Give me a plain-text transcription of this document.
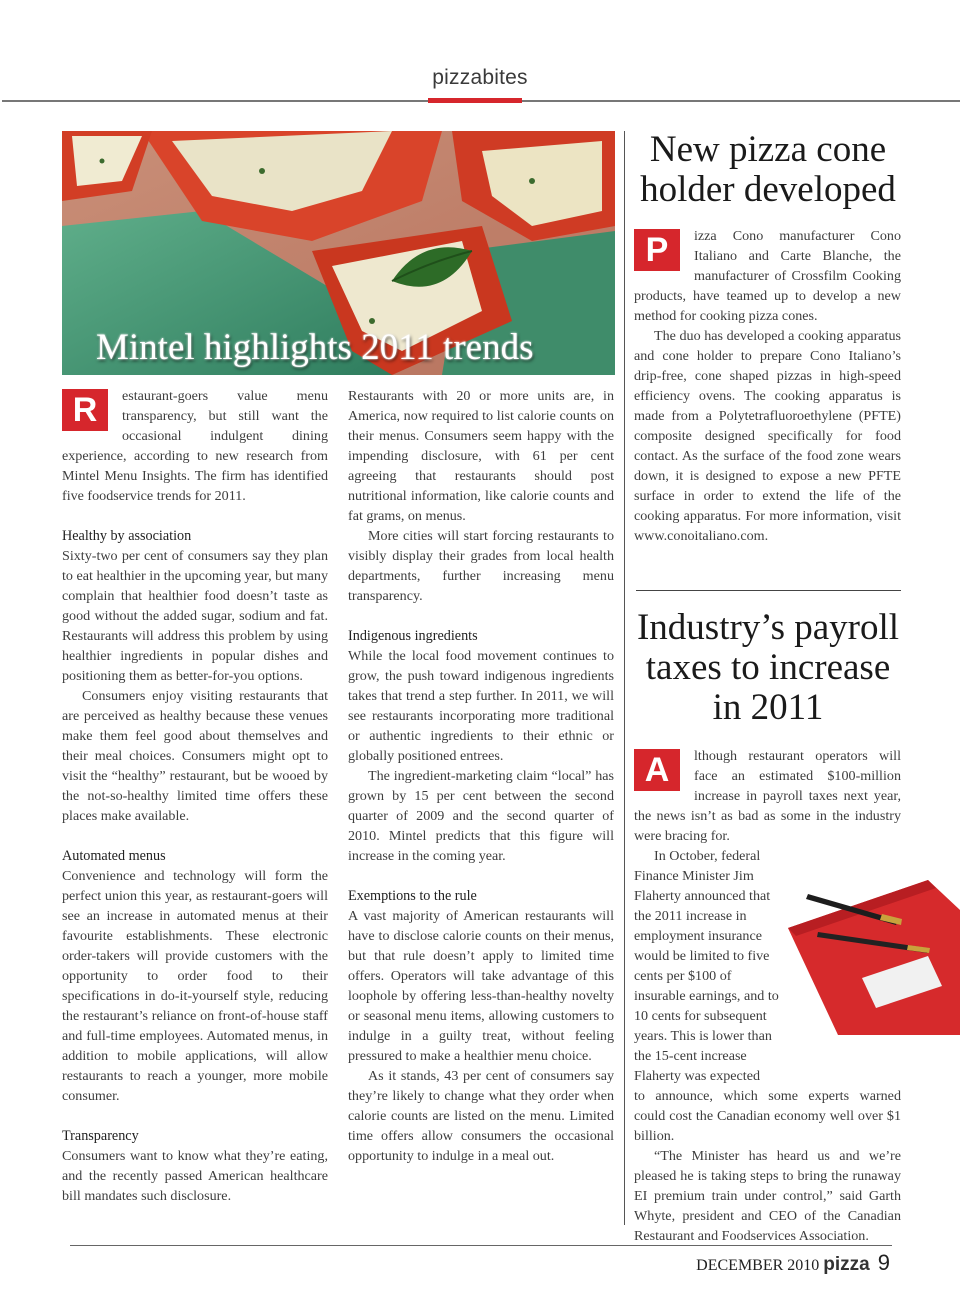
pizzabites
Mintel highlights 2011 trends

R	estaurant-goers value menu transparency, but still want the occasional indulgent dining experience, according to new research from Mintel Menu Insights. The firm has identified five foodservice trends for 2011.

Healthy by association

Sixty-two per cent of consumers say they plan to eat healthier in the upcoming year, but many complain that healthier food doesn’t taste as good without the added sugar, sodium and fat. Restaurants will address this problem by using healthier ingredients in popular dishes and positioning them as better-for-you options.

Consumers enjoy visiting restaurants that are perceived as healthy because these venues make them feel good about themselves and their meal choices. Consumers might opt to visit the “healthy” restaurant, but be wooed by the not-so-healthy limited time offers these places make available.

Automated menus

Convenience and technology will form the perfect union this year, as restaurant-goers will see an increase in automated menus at their favourite establishments. These electronic order-takers will provide customers with the opportunity to order food to their specifications in do-it-yourself style, reducing the restaurant’s reliance on front-of-house staff and full-time employees. Automated menus, in addition to mobile applications, will allow restaurants to reach a younger, more mobile consumer.

Transparency

Consumers want to know what they’re eating, and the recently passed American healthcare bill mandates such disclosure.

Restaurants with 20 or more units are, in America, now required to list calorie counts on their menus. Consumers seem happy with the impending disclosure, with 61 per cent agreeing that restaurants should post nutritional information, like calorie counts and fat grams, on menus.

More cities will start forcing restaurants to visibly display their grades from local health departments, further increasing menu transparency.

Indigenous ingredients

While the local food movement continues to grow, the push toward indigenous ingredients takes that trend a step further. In 2011, we will see restaurants incorporating more traditional or authentic ingredients to their ethnic or globally positioned entrees.

The ingredient-marketing claim “local” has grown by 15 per cent between the second quarter of 2009 and the second quarter of 2010. Mintel predicts that this figure will increase in the coming year.

Exemptions to the rule

A vast majority of American restaurants will have to disclose calorie counts on their menus, but that rule doesn’t apply to limited time offers. Operators will take advantage of this loophole by offering less-than-healthy novelty or seasonal menu items, allowing customers to indulge in a guilty treat, without feeling pressured to make a healthier menu choice.

As it stands, 43 per cent of consumers say they’re likely to change what they order when calorie counts are listed on the menu. Limited time offers allow consumers the occasional opportunity to indulge in a meal out.

New pizza cone
holder developed

P	izza Cono manufacturer Cono Italiano and Carte Blanche, the manufacturer of Crossfilm Cooking products, have teamed up to develop a new method for cooking pizza cones.

The duo has developed a cooking apparatus and cone holder to prepare Cono Italiano’s drip-free, cone shaped pizzas in high-speed efficiency ovens. The cooking apparatus is made from a Polytetrafluoroethylene (PFTE) composite designed specifically for food contact. As the surface of the food zone wears down, it is designed to expose a new PFTE surface in order to extend the life of the cooking apparatus. For more information, visit www.conoitaliano.com.

Industry’s payroll
taxes to increase
in 2011

A	lthough restaurant operators will face an estimated $100-million increase in payroll taxes next year, the news isn’t as bad as some in the industry were bracing for.

In October, federal Finance Minister Jim Flaherty announced that the 2011 increase in employment insurance would be limited to five cents per $100 of insurable earnings, and to 10 cents for subsequent years. This is lower than the 15-cent increase Flaherty was expected

to announce, which some experts warned could cost the Canadian economy well over $1 billion.

“The Minister has heard us and we’re pleased he is taking steps to bring the runaway EI premium train under control,” said Garth Whyte, president and CEO of the Canadian Restaurant and Foodservices Association.

DECEMBER 2010 pizza 9
